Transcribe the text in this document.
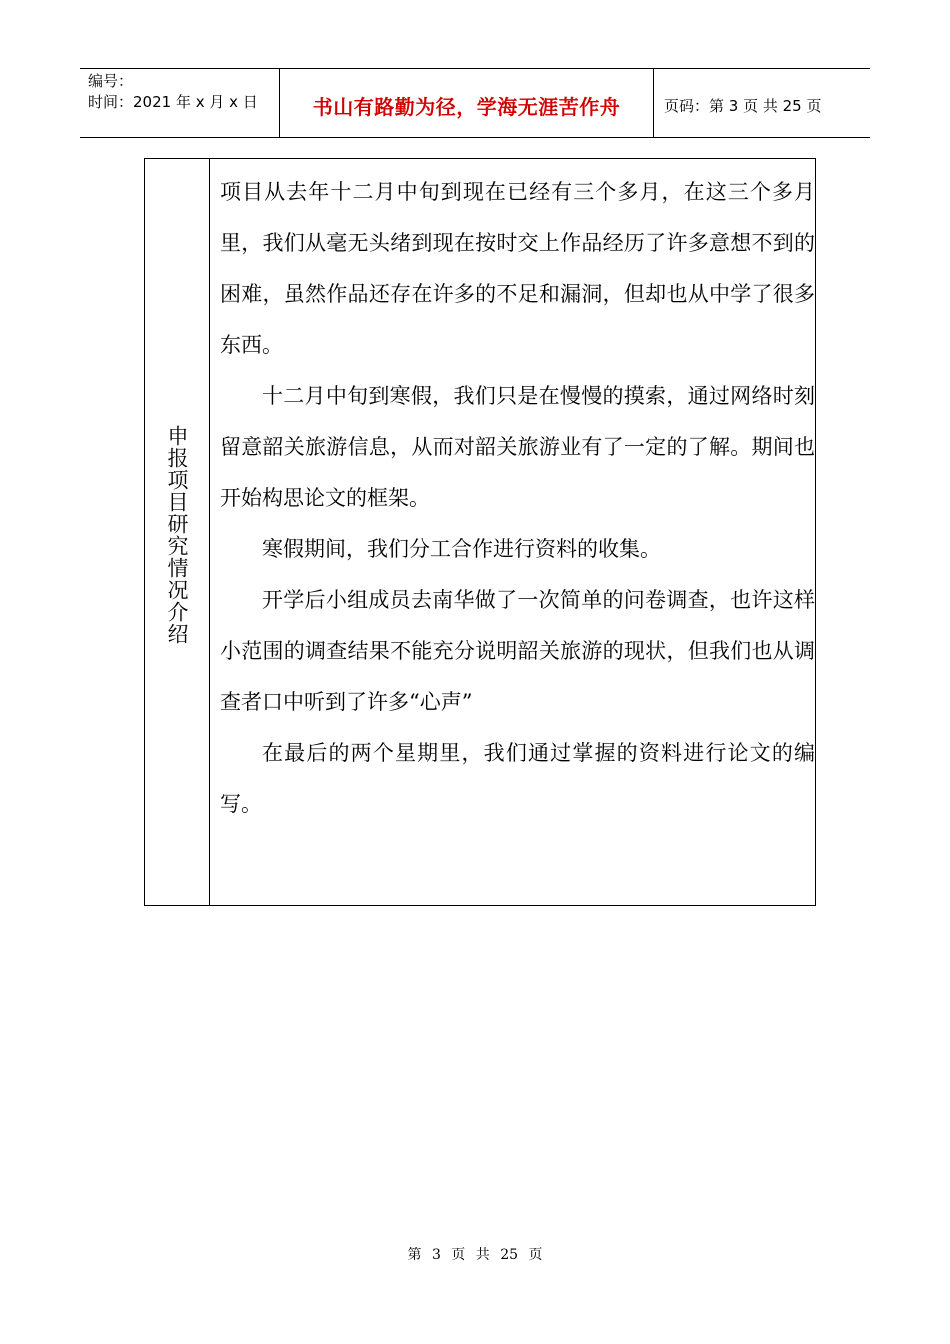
编号：
时间：2021 年 x 月 x 日	书山有路勤为径，学海无涯苦作舟	页码：第 3 页 共 25 页
申报项目研究情况介绍

项目从去年十二月中旬到现在已经有三个多月，在这三个多月里，我们从毫无头绪到现在按时交上作品经历了许多意想不到的困难，虽然作品还存在许多的不足和漏洞，但却也从中学了很多东西。

十二月中旬到寒假，我们只是在慢慢的摸索，通过网络时刻留意韶关旅游信息，从而对韶关旅游业有了一定的了解。期间也开始构思论文的框架。

寒假期间，我们分工合作进行资料的收集。

开学后小组成员去南华做了一次简单的问卷调查，也许这样小范围的调查结果不能充分说明韶关旅游的现状，但我们也从调查者口中听到了许多“心声”

在最后的两个星期里，我们通过掌握的资料进行论文的编写。

第 3 页 共 25 页
